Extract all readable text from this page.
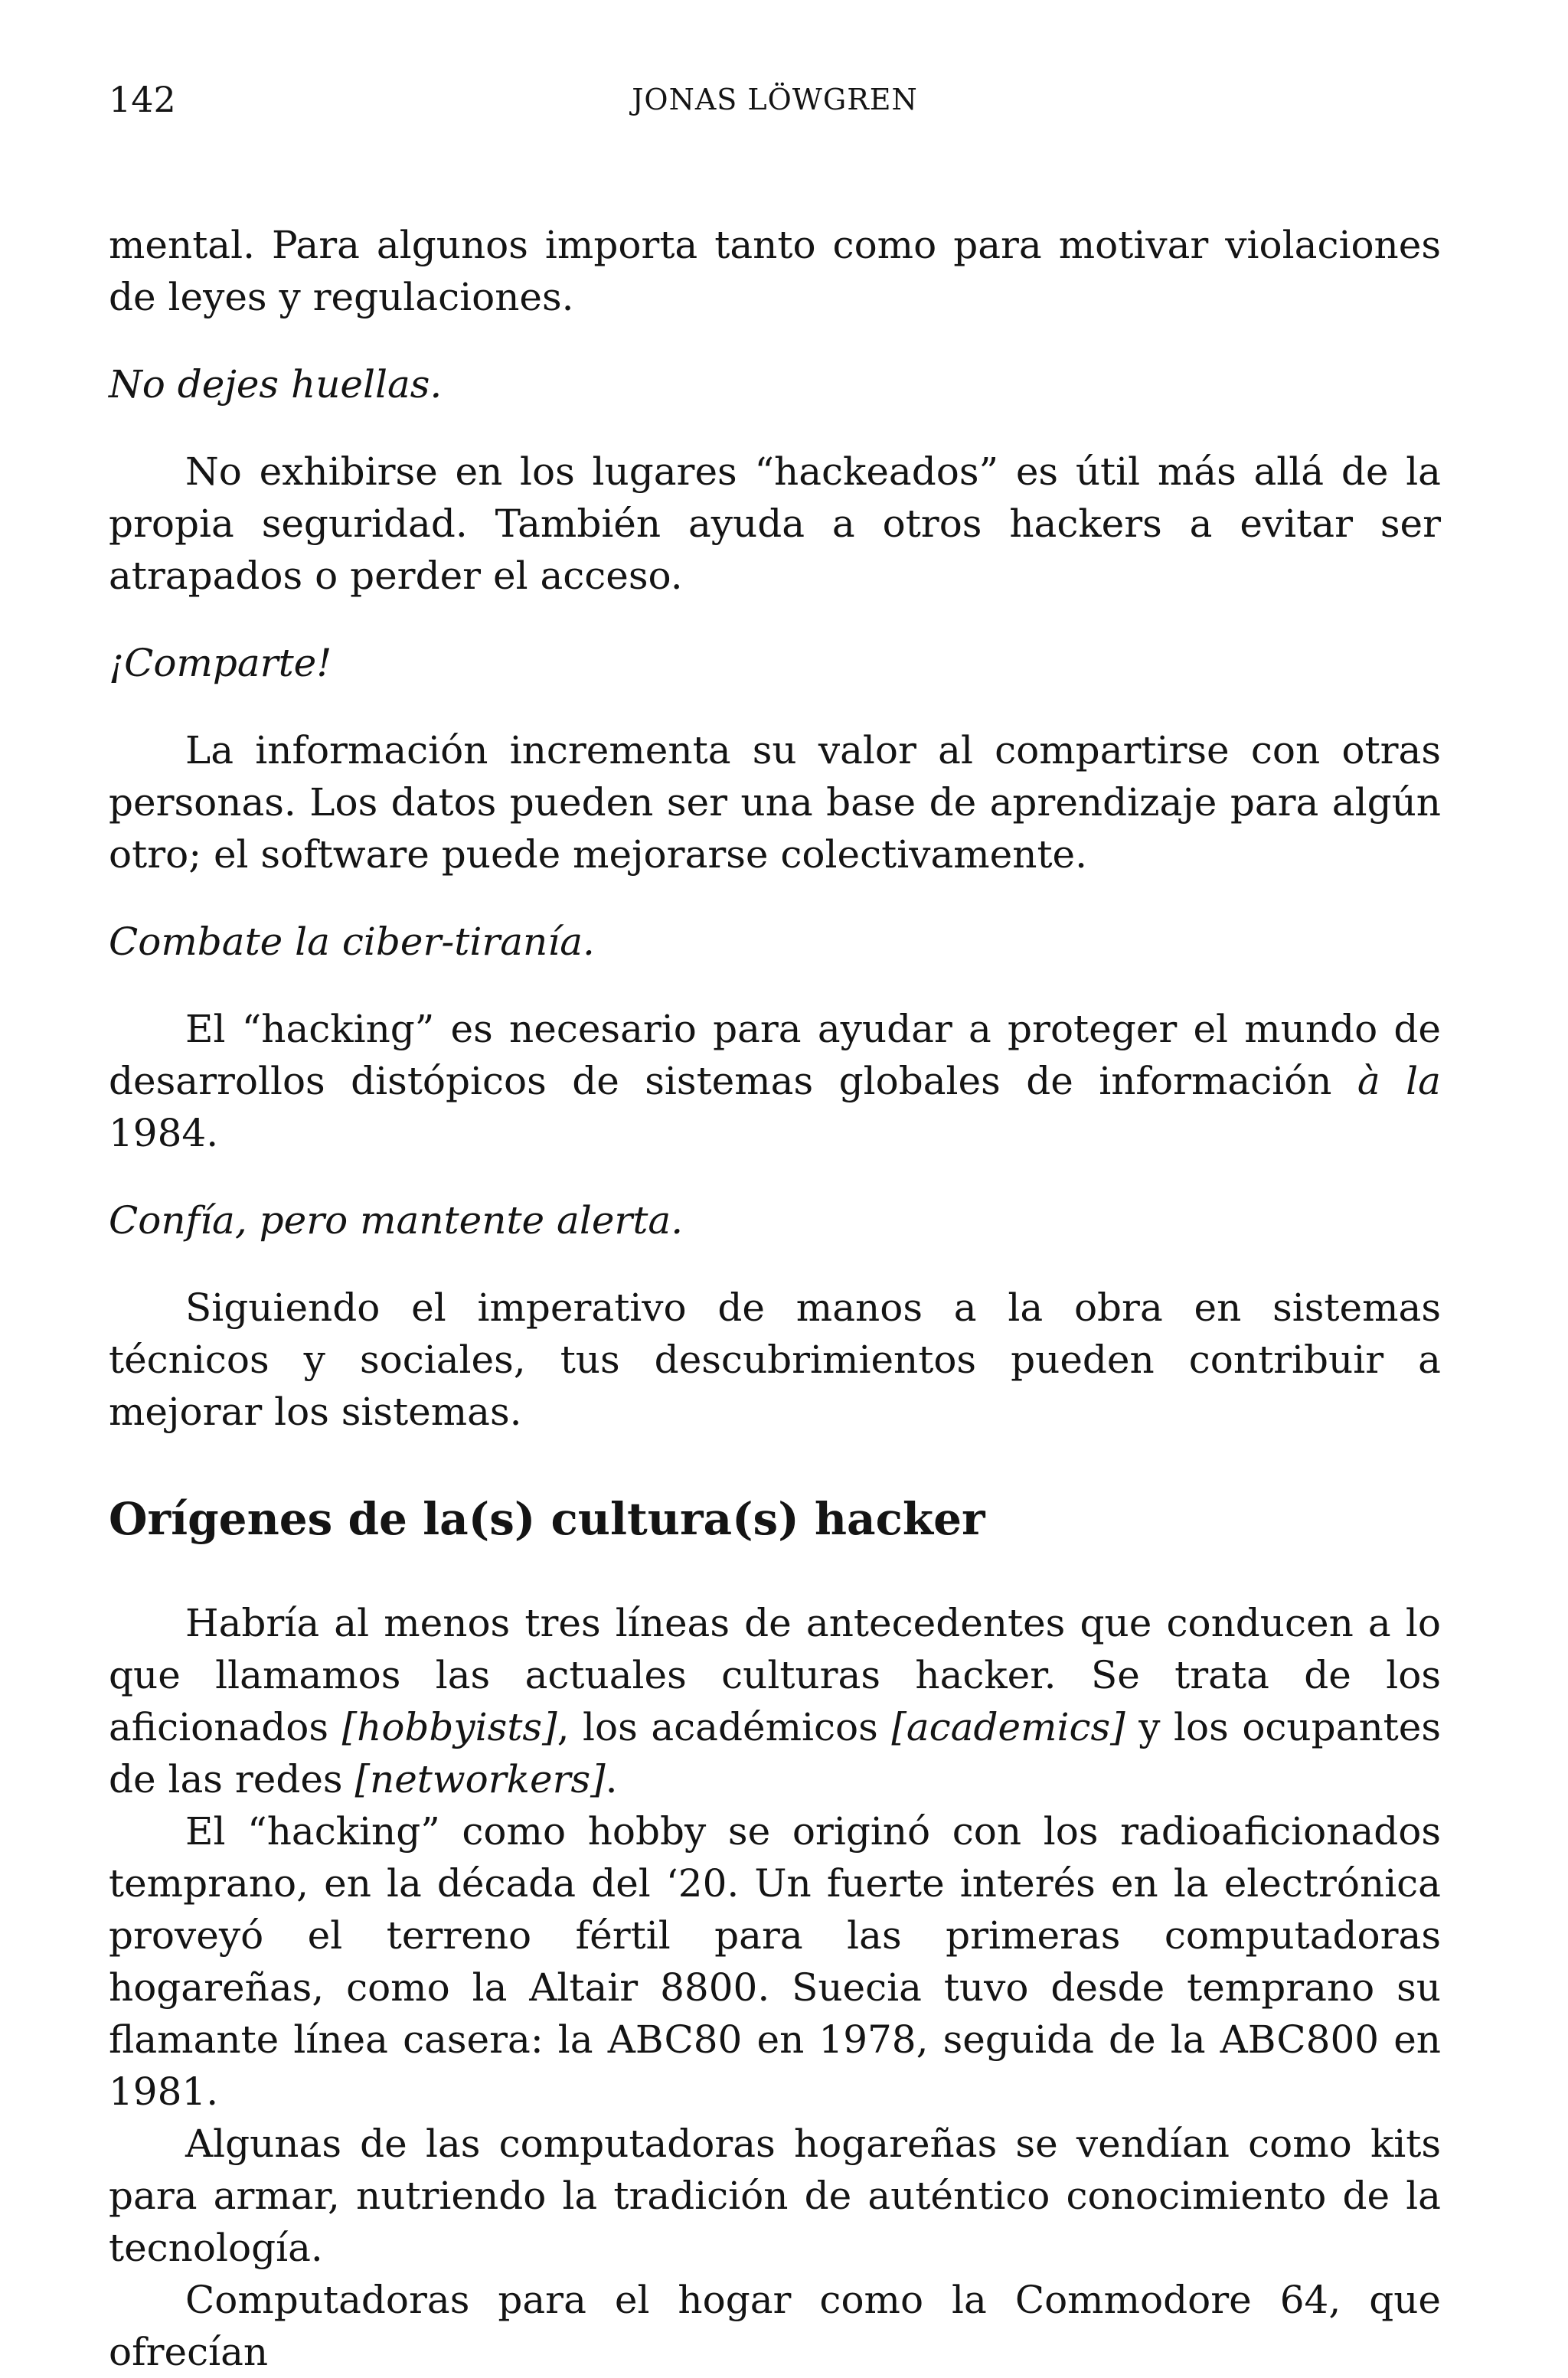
142	JONAS LÖWGREN

mental. Para algunos importa tanto como para motivar violaciones de leyes y regulaciones.

No dejes huellas.

No exhibirse en los lugares “hackeados” es útil más allá de la propia seguridad. También ayuda a otros hackers a evitar ser atrapados o perder el acceso.

¡Comparte!

La información incrementa su valor al compartirse con otras personas. Los datos pueden ser una base de aprendizaje para algún otro; el software puede mejorarse colectivamente.

Combate la ciber-tiranía.

El “hacking” es necesario para ayudar a proteger el mundo de desarrollos distópicos de sistemas globales de información à la 1984.

Confía, pero mantente alerta.

Siguiendo el imperativo de manos a la obra en sistemas técnicos y sociales, tus descubrimientos pueden contribuir a mejorar los sistemas.

Orígenes de la(s) cultura(s) hacker

Habría al menos tres líneas de antecedentes que conducen a lo que llamamos las actuales culturas hacker. Se trata de los aficionados [hobbyists], los académicos [academics] y los ocupantes de las redes [networkers].

El “hacking” como hobby se originó con los radioaficionados temprano, en la década del ‘20. Un fuerte interés en la electrónica proveyó el terreno fértil para las primeras computadoras hogareñas, como la Altair 8800. Suecia tuvo desde temprano su flamante línea casera: la ABC80 en 1978, seguida de la ABC800 en 1981.

Algunas de las computadoras hogareñas se vendían como kits para armar, nutriendo la tradición de auténtico conocimiento de la tecnología.

Computadoras para el hogar como la Commodore 64, que ofrecían
